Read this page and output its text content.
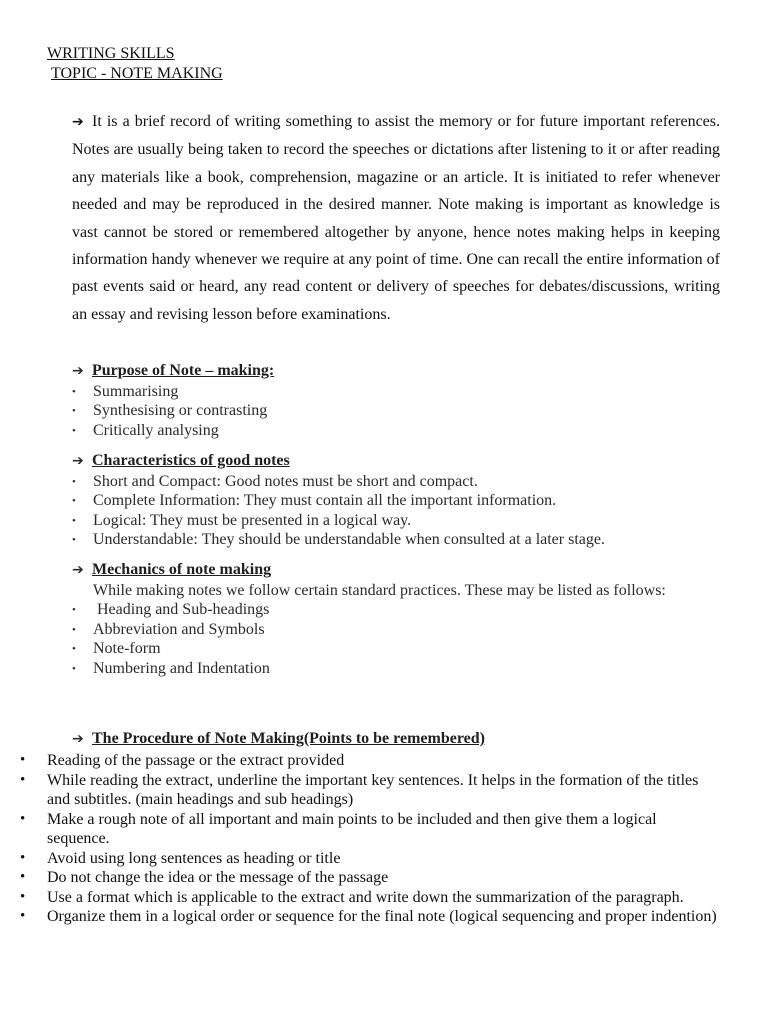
WRITING SKILLS
TOPIC - NOTE MAKING
➔ It is a brief record of writing something to assist the memory or for future important references. Notes are usually being taken to record the speeches or dictations after listening to it or after reading any materials like a book, comprehension, magazine or an article. It is initiated to refer whenever needed and may be reproduced in the desired manner. Note making is important as knowledge is vast cannot be stored or remembered altogether by anyone, hence notes making helps in keeping information handy whenever we require at any point of time. One can recall the entire information of past events said or heard, any read content or delivery of speeches for debates/discussions, writing an essay and revising lesson before examinations.
➔ Purpose of Note – making:
• Summarising
• Synthesising or contrasting
• Critically analysing
➔ Characteristics of good notes
• Short and Compact: Good notes must be short and compact.
• Complete Information: They must contain all the important information.
• Logical: They must be presented in a logical way.
• Understandable: They should be understandable when consulted at a later stage.
➔ Mechanics of note making
While making notes we follow certain standard practices. These may be listed as follows:
•  Heading and Sub-headings
• Abbreviation and Symbols
• Note-form
• Numbering and Indentation
➔ The Procedure of Note Making(Points to be remembered)
• Reading of the passage or the extract provided
• While reading the extract, underline the important key sentences. It helps in the formation of the titles and subtitles. (main headings and sub headings)
• Make a rough note of all important and main points to be included and then give them a logical sequence.
• Avoid using long sentences as heading or title
• Do not change the idea or the message of the passage
• Use a format which is applicable to the extract and write down the summarization of the paragraph.
• Organize them in a logical order or sequence for the final note (logical sequencing and proper indention)
